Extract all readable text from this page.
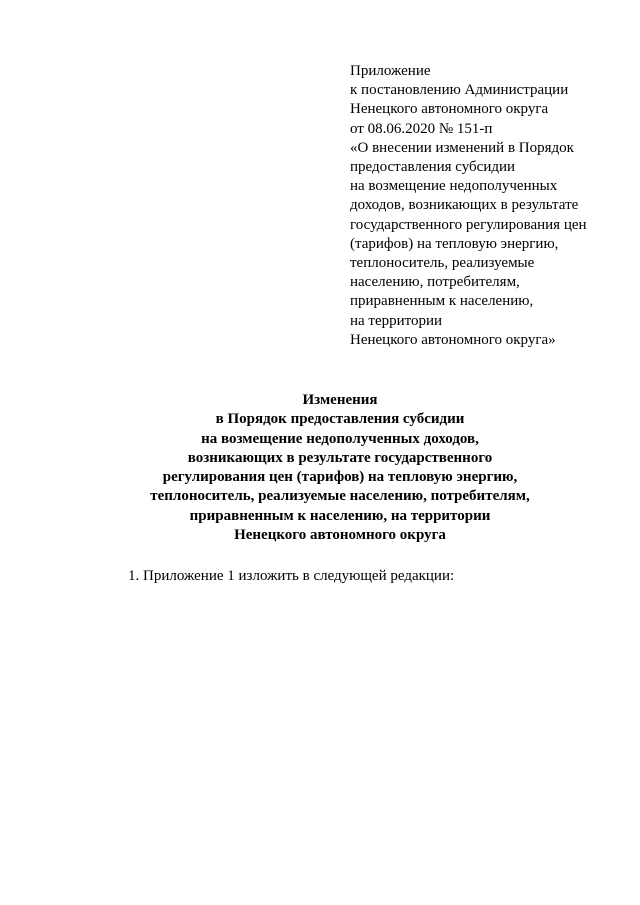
Приложение
к постановлению Администрации
Ненецкого автономного округа
от 08.06.2020 № 151-п
«О внесении изменений в Порядок
предоставления субсидии
на возмещение недополученных
доходов, возникающих в результате
государственного регулирования цен
(тарифов) на тепловую энергию,
теплоноситель, реализуемые
населению, потребителям,
приравненным к населению,
на территории
Ненецкого автономного округа»
Изменения
в Порядок предоставления субсидии
на возмещение недополученных доходов,
возникающих в результате государственного
регулирования цен (тарифов) на тепловую энергию,
теплоноситель, реализуемые населению, потребителям,
приравненным к населению, на территории
Ненецкого автономного округа
1. Приложение 1 изложить в следующей редакции:
